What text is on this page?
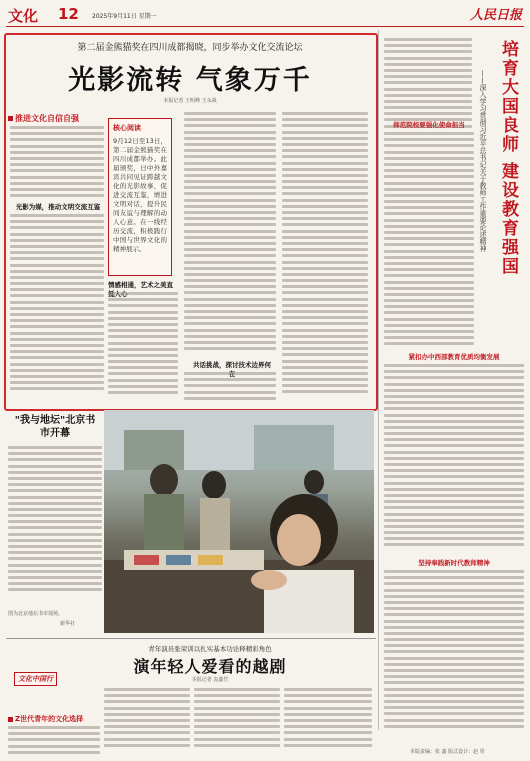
文化 12 2025年9月11日 星期一	人民日报
第二届金熊猫奖在四川成都揭晓，同步举办文化交流论坛
光影流转 气象万千
本报记者 王明峰 王永战
推进文化自信自强
核心阅读
9月12日至13日，第二届金熊猫奖在四川成都举办。此届颁奖，日中外嘉宾共同见证跨越文化的光影故事，促进交流互鉴，增进文明对话，提升民间友谊与理解的动人心意。在一线经历交流，积极践行中国与世界文化的精神展示。
光影为媒，推动文明交流互鉴
情感相通，艺术之美直
共话挑战，探讨技术边界何
培育大国良师 建设教育强国
——深入学习贯彻习近平总书记关于教师工作重要论述精神
师范院校要强化使命担当
紧扣办中西部教育优质均衡发展
坚持奉践新时代教师精神
"我与地坛"北京书市开幕
图为北京地坛书市现场。
新华社
青年演员张荣训以扎实基本功诠释精彩角色
演年轻人爱看的越剧
本报记者 袁鑫竹
文化中国行
Z世代青年的文化选择
本版责编：张 鑫 版式设计：赵 彤
